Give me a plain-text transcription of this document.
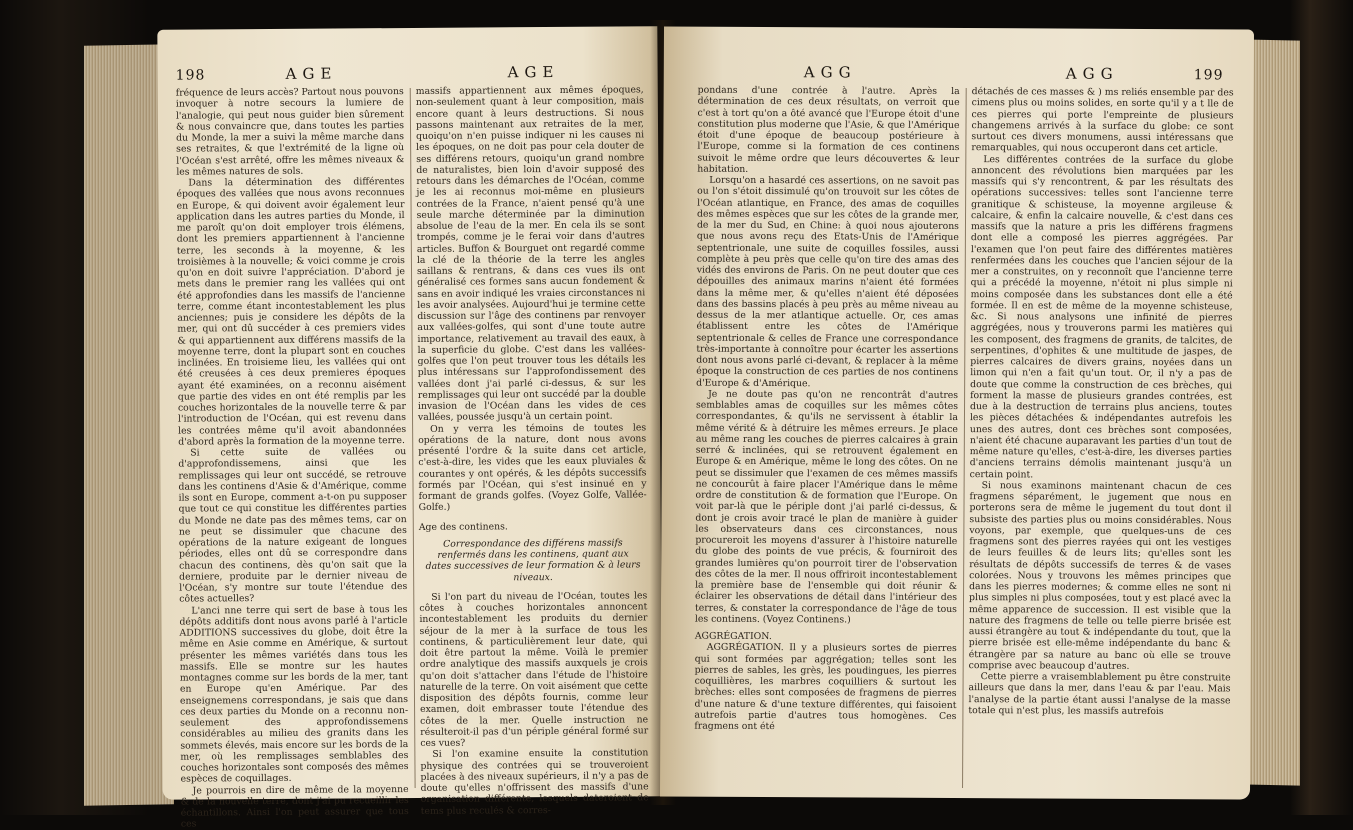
198	AGE	AGE

fréquence de leurs accès? Partout nous pouvons invoquer à notre secours la lumiere de l'analogie, qui peut nous guider bien sûrement & nous convaincre que, dans toutes les parties du Monde, la mer a suivi la même marche dans ses retraites, & que l'extrémité de la ligne où l'Océan s'est arrêté, offre les mêmes niveaux & les mêmes natures de sols.

Dans la détermination des différentes époques des vallées que nous avons reconnues en Europe, & qui doivent avoir également leur application dans les autres parties du Monde, il me paroît qu'on doit employer trois élémens, dont les premiers appartiennent à l'ancienne terre, les seconds à la moyenne, & les troisièmes à la nouvelle; & voici comme je crois qu'on en doit suivre l'appréciation. D'abord je mets dans le premier rang les vallées qui ont été approfondies dans les massifs de l'ancienne terre, comme étant incontestablement les plus anciennes; puis je considere les dépôts de la mer, qui ont dû succéder à ces premiers vides & qui appartiennent aux différens massifs de la moyenne terre, dont la plupart sont en couches inclinées. En troisieme lieu, les vallées qui ont été creusées à ces deux premieres époques ayant été examinées, on a reconnu aisément que partie des vides en ont été remplis par les couches horizontales de la nouvelle terre & par l'introduction de l'Océan, qui est revenu dans les contrées même qu'il avoit abandonnées d'abord après la formation de la moyenne terre.

Si cette suite de vallées ou d'approfondissemens, ainsi que les remplissages qui leur ont succédé, se retrouve dans les continens d'Asie & d'Amérique, comme ils sont en Europe, comment a-t-on pu supposer que tout ce qui constitue les différentes parties du Monde ne date pas des mêmes tems, car on ne peut se dissimuler que chacune des opérations de la nature exigeant de longues périodes, elles ont dû se correspondre dans chacun des continens, dès qu'on sait que la derniere, produite par le dernier niveau de l'Océan, s'y montre sur toute l'étendue des côtes actuelles?

L'anci nne terre qui sert de base à tous les dépôts additifs dont nous avons parlé à l'article ADDITIONS successives du globe, doit être la même en Asie comme en Amérique, & surtout présenter les mêmes variétés dans tous les massifs. Elle se montre sur les hautes montagnes comme sur les bords de la mer, tant en Europe qu'en Amérique. Par des enseignemens correspondans, je sais que dans ces deux parties du Monde on a reconnu non-seulement des approfondissemens considérables au milieu des granits dans les sommets élevés, mais encore sur les bords de la mer, où les remplissages semblables des couches horizontales sont composés des mêmes espèces de coquillages.

Je pourrois en dire de même de la moyenne & de la nouvelle terre, dont j'ai pu recueillir les échantillons. Ainsi l'on peut assurer que tous ces

massifs appartiennent aux mêmes époques, non-seulement quant à leur composition, mais encore quant à leurs destructions. Si nous passons maintenant aux retraites de la mer, quoiqu'on n'en puisse indiquer ni les causes ni les époques, on ne doit pas pour cela douter de ses différens retours, quoiqu'un grand nombre de naturalistes, bien loin d'avoir supposé des retours dans les démarches de l'Océan, comme je les ai reconnus moi-même en plusieurs contrées de la France, n'aient pensé qu'à une seule marche déterminée par la diminution absolue de l'eau de la mer. En cela ils se sont trompés, comme je le ferai voir dans d'autres articles. Buffon & Bourguet ont regardé comme la clé de la théorie de la terre les angles saillans & rentrans, & dans ces vues ils ont généralisé ces formes sans aucun fondement & sans en avoir indiqué les vraies circonstances ni les avoir analysées. Aujourd'hui je termine cette discussion sur l'âge des continens par renvoyer aux vallées-golfes, qui sont d'une toute autre importance, relativement au travail des eaux, à la superficie du globe. C'est dans les vallées-golfes que l'on peut trouver tous les détails les plus intéressans sur l'approfondissement des vallées dont j'ai parlé ci-dessus, & sur les remplissages qui leur ont succédé par la double invasion de l'Océan dans les vides de ces vallées, poussée jusqu'à un certain point.

On y verra les témoins de toutes les opérations de la nature, dont nous avons présenté l'ordre & la suite dans cet article, c'est-à-dire, les vides que les eaux pluviales & courantes y ont opérés, & les dépôts successifs formés par l'Océan, qui s'est insinué en y formant de grands golfes. (Voyez Golfe, Vallée-Golfe.)

Age des continens.

Correspondance des différens massifs renfermés dans les continens, quant aux dates successives de leur formation & à leurs niveaux.

Si l'on part du niveau de l'Océan, toutes les côtes à couches horizontales annoncent incontestablement les produits du dernier séjour de la mer à la surface de tous les continens, & particulièrement leur date, qui doit être partout la même. Voilà le premier ordre analytique des massifs auxquels je crois qu'on doit s'attacher dans l'étude de l'histoire naturelle de la terre. On voit aisément que cette disposition des dépôts fournis, comme leur examen, doit embrasser toute l'étendue des côtes de la mer. Quelle instruction ne résulteroit-il pas d'un périple général formé sur ces vues?

Si l'on examine ensuite la constitution physique des contrées qui se trouveroient placées à des niveaux supérieurs, il n'y a pas de doute qu'elles n'offrissent des massifs d'une organisation différente, lesquels dateroient de tems plus reculés & corres-

AGG	AGG	199

pondans d'une contrée à l'autre. Après la détermination de ces deux résultats, on verroit que c'est à tort qu'on a ôté avancé que l'Europe étoit d'une constitution plus moderne que l'Asie, & que l'Amérique étoit d'une époque de beaucoup postérieure à l'Europe, comme si la formation de ces continens suivoit le même ordre que leurs découvertes & leur habitation.

Lorsqu'on a hasardé ces assertions, on ne savoit pas ou l'on s'étoit dissimulé qu'on trouvoit sur les côtes de l'Océan atlantique, en France, des amas de coquilles des mêmes espèces que sur les côtes de la grande mer, de la mer du Sud, en Chine: à quoi nous ajouterons que nous avons reçu des Etats-Unis de l'Amérique septentrionale, une suite de coquilles fossiles, aussi complète à peu près que celle qu'on tire des amas des vidés des environs de Paris. On ne peut douter que ces dépouilles des animaux marins n'aient été formées dans la même mer, & qu'elles n'aient été déposées dans des bassins placés à peu près au même niveau au dessus de la mer atlantique actuelle. Or, ces amas établissent entre les côtes de l'Amérique septentrionale & celles de France une correspondance très-importante à connoître pour écarter les assertions dont nous avons parlé ci-devant, & replacer à la même époque la construction de ces parties de nos continens d'Europe & d'Amérique.

Je ne doute pas qu'on ne rencontrât d'autres semblables amas de coquilles sur les mêmes côtes correspondantes, & qu'ils ne servissent à établir la même vérité & à détruire les mêmes erreurs. Je place au même rang les couches de pierres calcaires à grain serré & inclinées, qui se retrouvent également en Europe & en Amérique, même le long des côtes. On ne peut se dissimuler que l'examen de ces mêmes massifs ne concourût à faire placer l'Amérique dans le même ordre de constitution & de formation que l'Europe. On voit par-là que le périple dont j'ai parlé ci-dessus, & dont je crois avoir tracé le plan de manière à guider les observateurs dans ces circonstances, nous procureroit les moyens d'assurer à l'histoire naturelle du globe des points de vue précis, & fourniroit des grandes lumières qu'on pourroit tirer de l'observation des côtes de la mer. Il nous offriroit incontestablement la première base de l'ensemble qui doit réunir & éclairer les observations de détail dans l'intérieur des terres, & constater la correspondance de l'âge de tous les continens. (Voyez Continens.)

AGGRÉGATION.

AGGRÉGATION. Il y a plusieurs sortes de pierres qui sont formées par aggrégation; telles sont les pierres de sables, les grès, les poudingues, les pierres coquillières, les marbres coquilliers & surtout les brèches: elles sont composées de fragmens de pierres d'une nature & d'une texture différentes, qui faisoient autrefois partie d'autres tous homogènes. Ces fragmens ont été

détachés de ces masses & ) ms reliés ensemble par des cimens plus ou moins solides, en sorte qu'il y a t lle de ces pierres qui porte l'empreinte de plusieurs changemens arrivés à la surface du globe: ce sont surtout ces divers monumens, aussi intéressans que remarquables, qui nous occuperont dans cet article.

Les différentes contrées de la surface du globe annoncent des révolutions bien marquées par les massifs qui s'y rencontrent, & par les résultats des opérations successives: telles sont l'ancienne terre granitique & schisteuse, la moyenne argileuse & calcaire, & enfin la calcaire nouvelle, & c'est dans ces massifs que la nature a pris les différens fragmens dont elle a composé les pierres aggrégées. Par l'examen que l'on peut faire des différentes matières renfermées dans les couches que l'ancien séjour de la mer a construites, on y reconnoît que l'ancienne terre qui a précédé la moyenne, n'étoit ni plus simple ni moins composée dans les substances dont elle a été formée. Il en est de même de la moyenne schisteuse, &c. Si nous analysons une infinité de pierres aggrégées, nous y trouverons parmi les matières qui les composent, des fragmens de granits, de talcites, de serpentines, d'ophites & une multitude de jaspes, de pierres calcaires de divers grains, noyées dans un limon qui n'en a fait qu'un tout. Or, il n'y a pas de doute que comme la construction de ces brèches, qui forment la masse de plusieurs grandes contrées, est due à la destruction de terrains plus anciens, toutes les pièces détachées & indépendantes autrefois les unes des autres, dont ces brèches sont composées, n'aient été chacune auparavant les parties d'un tout de même nature qu'elles, c'est-à-dire, les diverses parties d'anciens terrains démolis maintenant jusqu'à un certain point.

Si nous examinons maintenant chacun de ces fragmens séparément, le jugement que nous en porterons sera de même le jugement du tout dont il subsiste des parties plus ou moins considérables. Nous voyons, par exemple, que quelques-uns de ces fragmens sont des pierres rayées qui ont les vestiges de leurs feuilles & de leurs lits; qu'elles sont les résultats de dépôts successifs de terres & de vases colorées. Nous y trouvons les mêmes principes que dans les pierres modernes; & comme elles ne sont ni plus simples ni plus composées, tout y est placé avec la même apparence de succession. Il est visible que la nature des fragmens de telle ou telle pierre brisée est aussi étrangère au tout & indépendante du tout, que la pierre brisée est elle-même indépendante du banc & étrangère par sa nature au banc où elle se trouve comprise avec beaucoup d'autres.

Cette pierre a vraisemblablement pu être construite ailleurs que dans la mer, dans l'eau & par l'eau. Mais l'analyse de la partie étant aussi l'analyse de la masse totale qui n'est plus, les massifs autrefois
